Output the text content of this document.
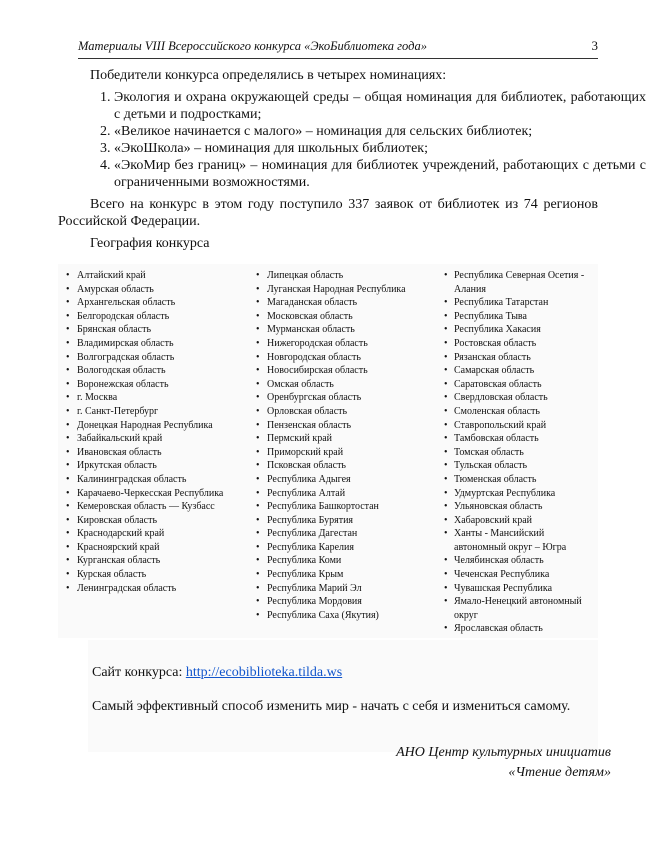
Материалы VIII Всероссийского конкурса «ЭкоБиблиотека года»	3
Победители конкурса определялись в четырех номинациях:
1. Экология и охрана окружающей среды – общая номинация для библиотек, работающих с детьми и подростками;
2. «Великое начинается с малого» – номинация для сельских библиотек;
3. «ЭкоШкола» – номинация для школьных библиотек;
4. «ЭкоМир без границ» – номинация для библиотек учреждений, работающих с детьми с ограниченными возможностями.
Всего на конкурс в этом году поступило 337 заявок от библиотек из 74 регионов Российской Федерации.
География конкурса
• Алтайский край
• Амурская область
• Архангельская область
• Белгородская область
• Брянская область
• Владимирская область
• Волгоградская область
• Вологодская область
• Воронежская область
• г. Москва
• г. Санкт-Петербург
• Донецкая Народная Республика
• Забайкальский край
• Ивановская область
• Иркутская область
• Калининградская область
• Карачаево-Черкесская Республика
• Кемеровская область — Кузбасс
• Кировская область
• Краснодарский край
• Красноярский край
• Курганская область
• Курская область
• Ленинградская область
• Липецкая область
• Луганская Народная Республика
• Магаданская область
• Московская область
• Мурманская область
• Нижегородская область
• Новгородская область
• Новосибирская область
• Омская область
• Оренбургская область
• Орловская область
• Пензенская область
• Пермский край
• Приморский край
• Псковская область
• Республика Адыгея
• Республика Алтай
• Республика Башкортостан
• Республика Бурятия
• Республика Дагестан
• Республика Карелия
• Республика Коми
• Республика Крым
• Республика Марий Эл
• Республика Мордовия
• Республика Саха (Якутия)
• Республика Северная Осетия - Алания
• Республика Татарстан
• Республика Тыва
• Республика Хакасия
• Ростовская область
• Рязанская область
• Самарская область
• Саратовская область
• Свердловская область
• Смоленская область
• Ставропольский край
• Тамбовская область
• Томская область
• Тульская область
• Тюменская область
• Удмуртская Республика
• Ульяновская область
• Хабаровский край
• Ханты - Мансийский автономный округ – Югра
• Челябинская область
• Чеченская Республика
• Чувашская Республика
• Ямало-Ненецкий автономный округ
• Ярославская область
Сайт конкурса: http://ecobiblioteka.tilda.ws
Самый эффективный способ изменить мир - начать с себя и измениться самому.
АНО Центр культурных инициатив
«Чтение детям»
